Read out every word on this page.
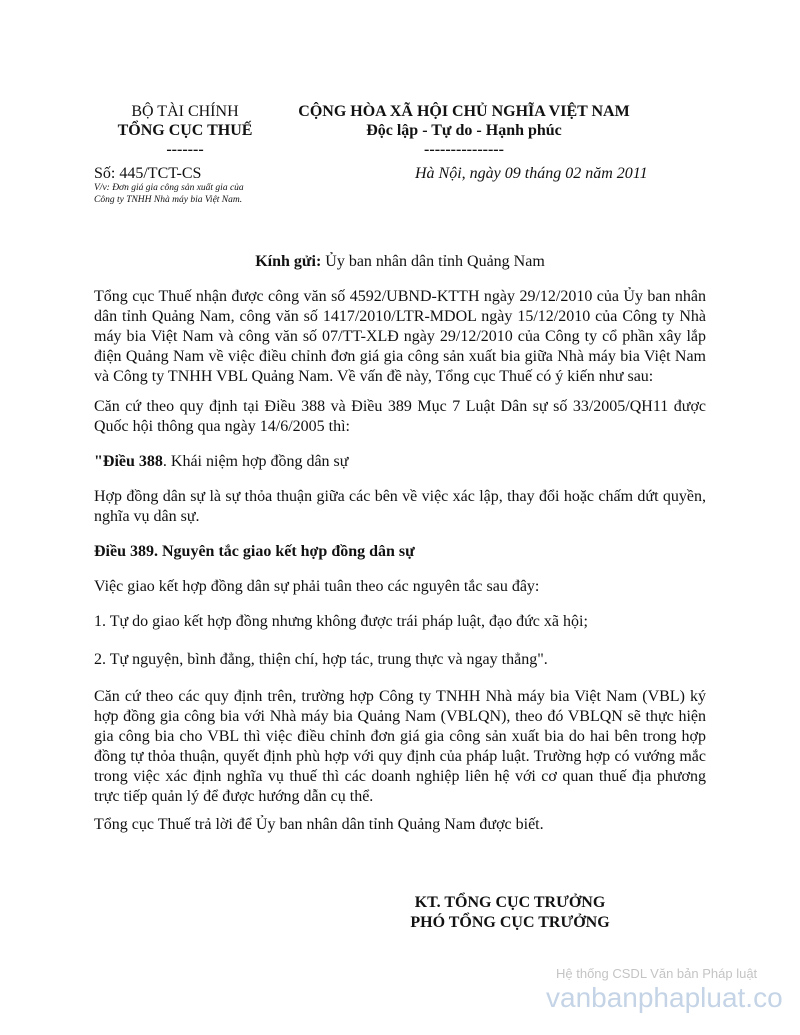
BỘ TÀI CHÍNH
TỔNG CỤC THUẾ
-------
CỘNG HÒA XÃ HỘI CHỦ NGHĨA VIỆT NAM
Độc lập - Tự do - Hạnh phúc
---------------
Số: 445/TCT-CS
V/v: Đơn giá gia công sản xuất gia của
Công ty TNHH Nhà máy bia Việt Nam.
Hà Nội, ngày 09 tháng 02 năm 2011
Kính gửi: Ủy ban nhân dân tỉnh Quảng Nam

Tổng cục Thuế nhận được công văn số 4592/UBND-KTTH ngày 29/12/2010 của Ủy ban nhân dân tỉnh Quảng Nam, công văn số 1417/2010/LTR-MDOL ngày 15/12/2010 của Công ty Nhà máy bia Việt Nam và công văn số 07/TT-XLĐ ngày 29/12/2010 của Công ty cổ phần xây lắp điện Quảng Nam về việc điều chỉnh đơn giá gia công sản xuất bia giữa Nhà máy bia Việt Nam và Công ty TNHH VBL Quảng Nam. Về vấn đề này, Tổng cục Thuế có ý kiến như sau:

Căn cứ theo quy định tại Điều 388 và Điều 389 Mục 7 Luật Dân sự số 33/2005/QH11 được Quốc hội thông qua ngày 14/6/2005 thì:

"Điều 388. Khái niệm hợp đồng dân sự

Hợp đồng dân sự là sự thỏa thuận giữa các bên về việc xác lập, thay đổi hoặc chấm dứt quyền, nghĩa vụ dân sự.

Điều 389. Nguyên tắc giao kết hợp đồng dân sự

Việc giao kết hợp đồng dân sự phải tuân theo các nguyên tắc sau đây:

1. Tự do giao kết hợp đồng nhưng không được trái pháp luật, đạo đức xã hội;

2. Tự nguyện, bình đẳng, thiện chí, hợp tác, trung thực và ngay thẳng".

Căn cứ theo các quy định trên, trường hợp Công ty TNHH Nhà máy bia Việt Nam (VBL) ký hợp đồng gia công bia với Nhà máy bia Quảng Nam (VBLQN), theo đó VBLQN sẽ thực hiện gia công bia cho VBL thì việc điều chỉnh đơn giá gia công sản xuất bia do hai bên trong hợp đồng tự thỏa thuận, quyết định phù hợp với quy định của pháp luật. Trường hợp có vướng mắc trong việc xác định nghĩa vụ thuế thì các doanh nghiệp liên hệ với cơ quan thuế địa phương trực tiếp quản lý để được hướng dẫn cụ thể.

Tổng cục Thuế trả lời để Ủy ban nhân dân tỉnh Quảng Nam được biết.

KT. TỔNG CỤC TRƯỞNG
PHÓ TỔNG CỤC TRƯỞNG
Hệ thống CSDL Văn bản Pháp luật
vanbanphapluat.co
